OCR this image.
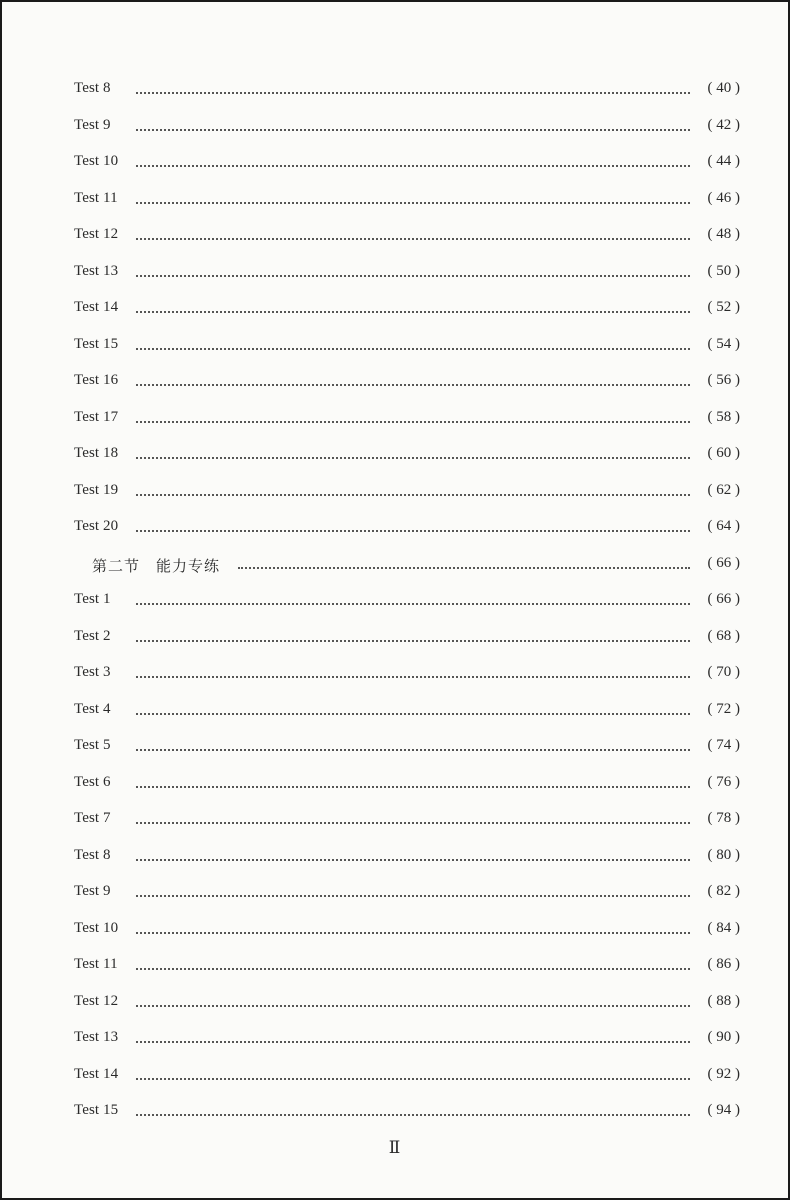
Test 8	( 40 )
Test 9	( 42 )
Test 10	( 44 )
Test 11	( 46 )
Test 12	( 48 )
Test 13	( 50 )
Test 14	( 52 )
Test 15	( 54 )
Test 16	( 56 )
Test 17	( 58 )
Test 18	( 60 )
Test 19	( 62 )
Test 20	( 64 )
第二节　能力专练	( 66 )
Test 1	( 66 )
Test 2	( 68 )
Test 3	( 70 )
Test 4	( 72 )
Test 5	( 74 )
Test 6	( 76 )
Test 7	( 78 )
Test 8	( 80 )
Test 9	( 82 )
Test 10	( 84 )
Test 11	( 86 )
Test 12	( 88 )
Test 13	( 90 )
Test 14	( 92 )
Test 15	( 94 )
Ⅱ
